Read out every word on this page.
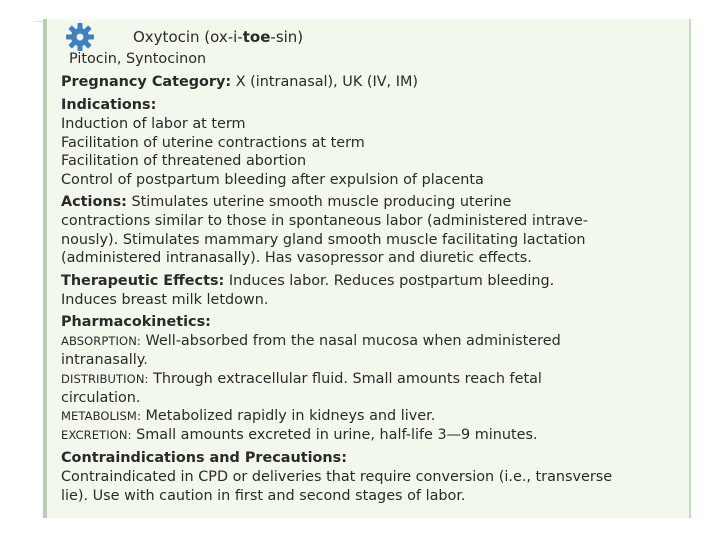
Oxytocin (ox-i-toe-sin)
Pitocin, Syntocinon
Pregnancy Category: X (intranasal), UK (IV, IM)
Indications:
Induction of labor at term
Facilitation of uterine contractions at term
Facilitation of threatened abortion
Control of postpartum bleeding after expulsion of placenta
Actions: Stimulates uterine smooth muscle producing uterine
contractions similar to those in spontaneous labor (administered intrave-
nously). Stimulates mammary gland smooth muscle facilitating lactation
(administered intranasally). Has vasopressor and diuretic effects.
Therapeutic Effects: Induces labor. Reduces postpartum bleeding.
Induces breast milk letdown.
Pharmacokinetics:
ABSORPTION: Well-absorbed from the nasal mucosa when administered
intranasally.
DISTRIBUTION: Through extracellular fluid. Small amounts reach fetal
circulation.
METABOLISM: Metabolized rapidly in kidneys and liver.
EXCRETION: Small amounts excreted in urine, half-life 3—9 minutes.
Contraindications and Precautions:
Contraindicated in CPD or deliveries that require conversion (i.e., transverse
lie). Use with caution in first and second stages of labor.
